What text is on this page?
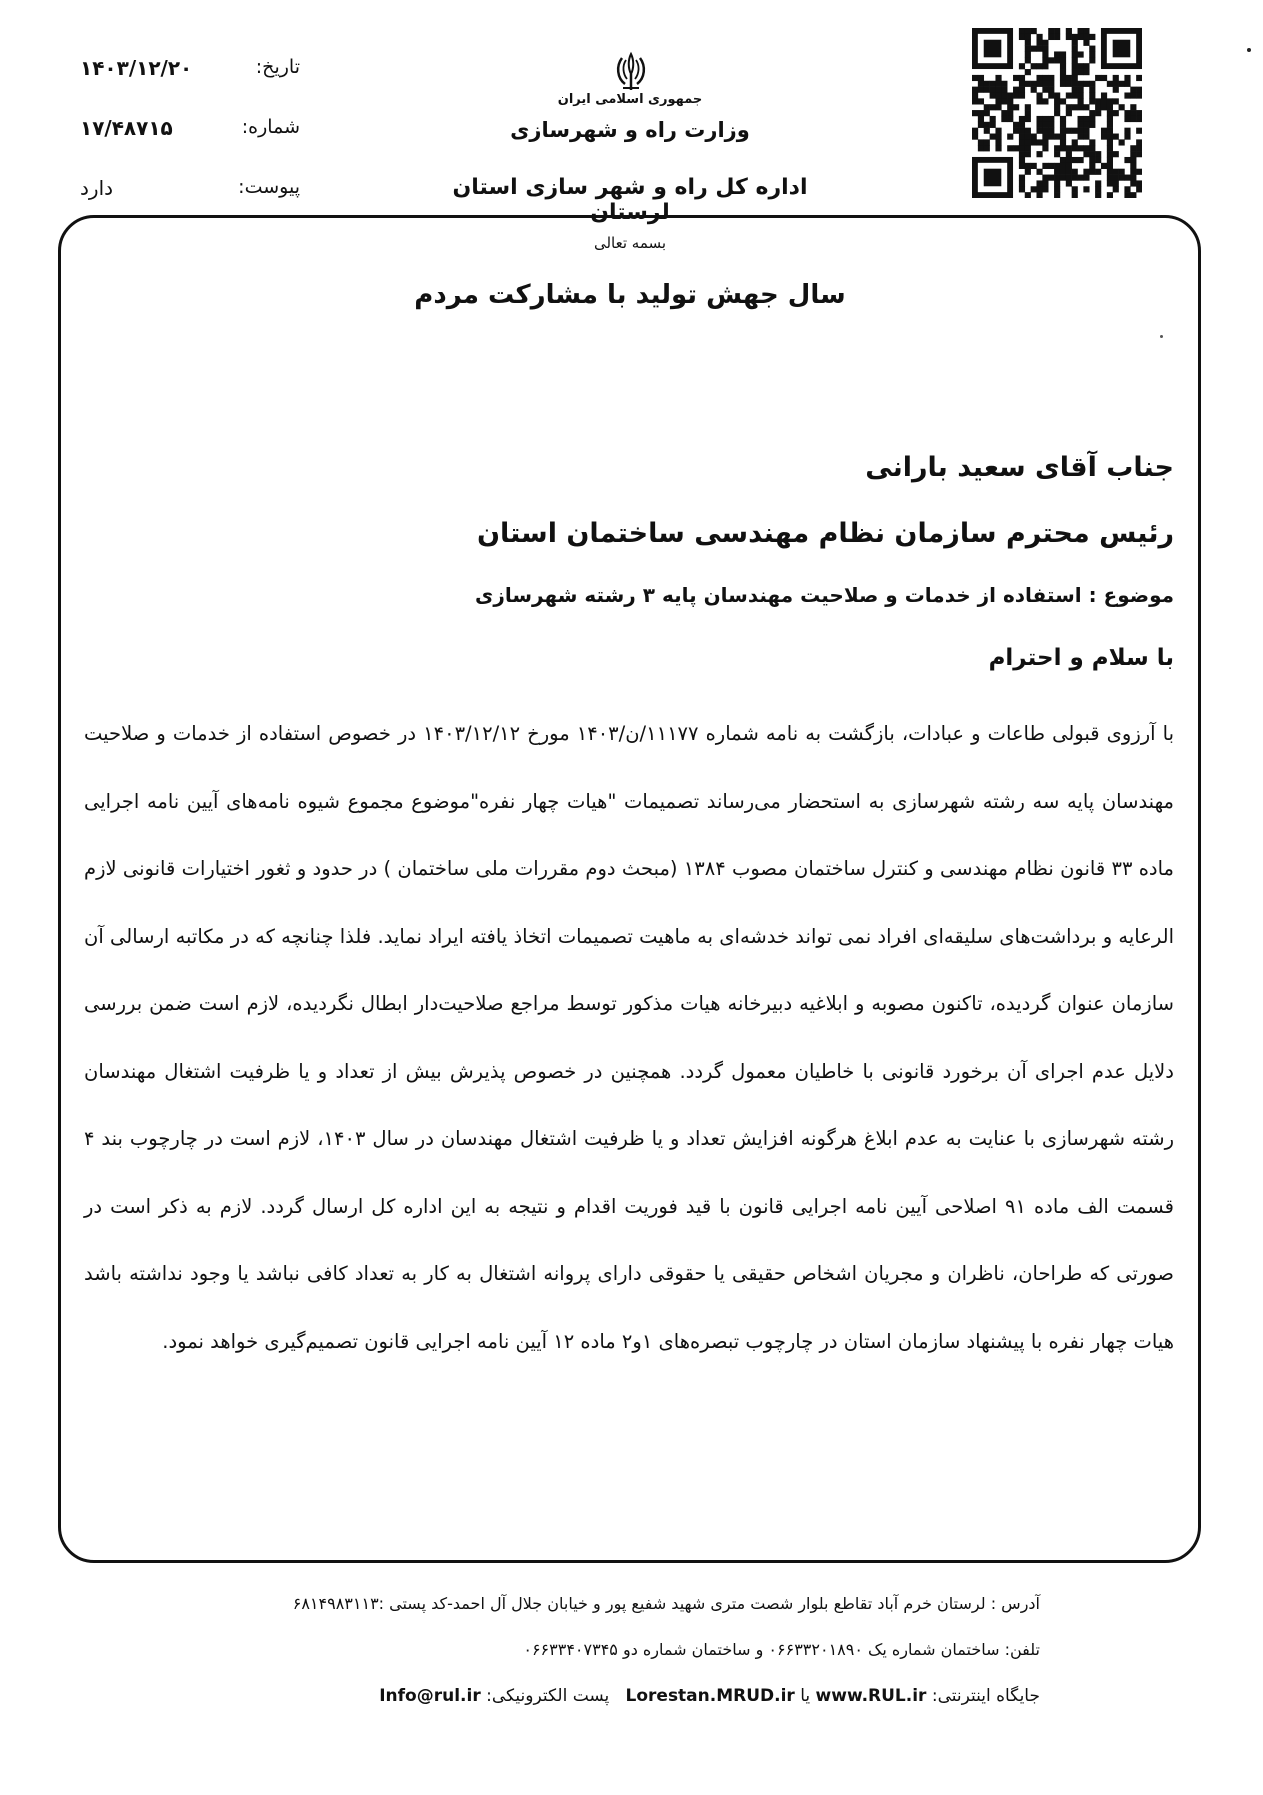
تاریخ:
۱۴۰۳/۱۲/۲۰
شماره:
۱۷/۴۸۷۱۵
پیوست:
دارد
جمهوری اسلامی ایران
وزارت راه و شهرسازی
اداره کل راه و شهر سازی استان لرستان
بسمه تعالی
سال جهش تولید با مشارکت مردم
جناب آقای سعید بارانی
رئیس محترم سازمان نظام مهندسی ساختمان استان
موضوع : استفاده از خدمات و صلاحیت مهندسان پایه ۳ رشته شهرسازی
با سلام و احترام
با آرزوی قبولی طاعات و عبادات، بازگشت به نامه شماره ۱۱۱۷۷/ن/۱۴۰۳ مورخ ۱۴۰۳/۱۲/۱۲ در خصوص استفاده از خدمات و صلاحیت مهندسان پایه سه رشته شهرسازی به استحضار می‌رساند تصمیمات "هیات چهار نفره"موضوع مجموع شیوه نامه‌های آیین نامه اجرایی ماده ۳۳ قانون نظام مهندسی و کنترل ساختمان مصوب ۱۳۸۴ (مبحث دوم مقررات ملی ساختمان ) در حدود و ثغور اختیارات قانونی لازم الرعایه و برداشت‌های سلیقه‌ای افراد نمی تواند خدشه‌ای به ماهیت تصمیمات اتخاذ یافته ایراد نماید. فلذا چنانچه که در مکاتبه ارسالی آن سازمان عنوان گردیده، تاکنون مصوبه و ابلاغیه دبیرخانه هیات مذکور توسط مراجع صلاحیت‌دار ابطال نگردیده، لازم است ضمن بررسی دلایل عدم اجرای آن برخورد قانونی با خاطیان معمول گردد. همچنین در خصوص پذیرش بیش از تعداد و یا ظرفیت اشتغال مهندسان رشته شهرسازی با عنایت به عدم ابلاغ هرگونه افزایش تعداد و یا ظرفیت اشتغال مهندسان در سال ۱۴۰۳، لازم است در چارچوب بند ۴ قسمت الف ماده ۹۱ اصلاحی آیین نامه اجرایی قانون با قید فوریت اقدام و نتیجه به این اداره کل ارسال گردد. لازم به ذکر است در صورتی که طراحان، ناظران و مجریان اشخاص حقیقی یا حقوقی دارای پروانه اشتغال به کار به تعداد کافی نباشد یا وجود نداشته باشد هیات چهار نفره با پیشنهاد سازمان استان در چارچوب تبصره‌های ۱و۲ ماده ۱۲ آیین نامه اجرایی قانون تصمیم‌گیری خواهد نمود.
آدرس : لرستان خرم آباد تقاطع بلوار شصت متری شهید شفیع پور و خیابان جلال آل احمد-کد پستی :۶۸۱۴۹۸۳۱۱۳
تلفن: ساختمان شماره یک ۰۶۶۳۳۲۰۱۸۹۰ و ساختمان شماره دو ۰۶۶۳۳۴۰۷۳۴۵
جایگاه اینترنتی: www.RUL.ir یا Lorestan.MRUD.ir   پست الکترونیکی: Info@rul.ir
